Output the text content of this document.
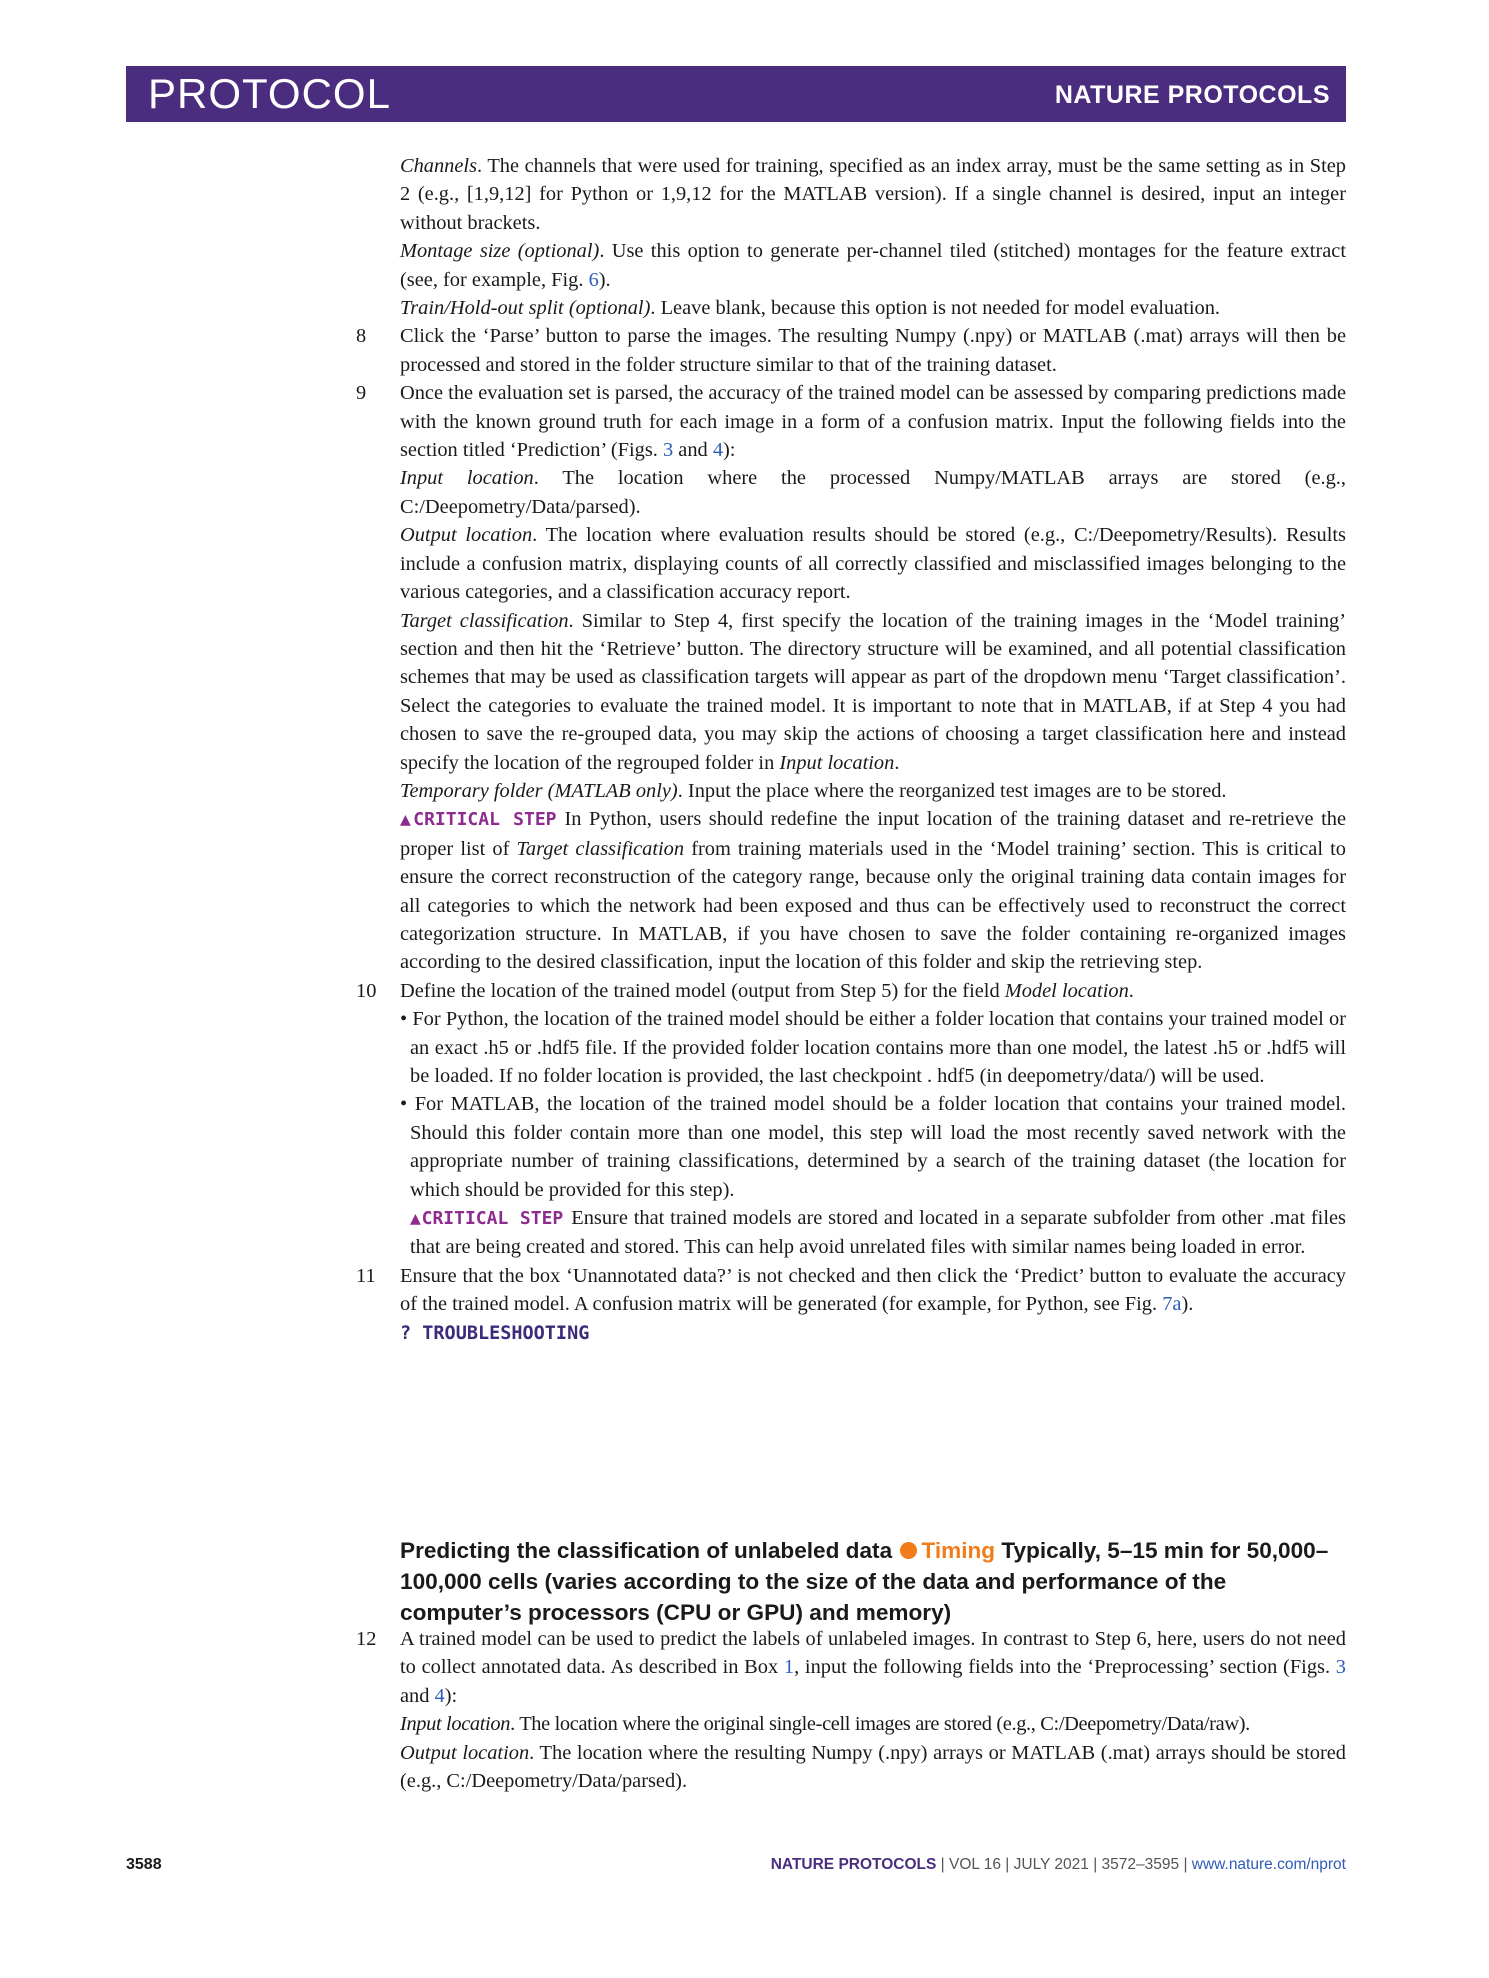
PROTOCOL	NATURE PROTOCOLS

Channels. The channels that were used for training, specified as an index array, must be the same setting as in Step 2 (e.g., [1,9,12] for Python or 1,9,12 for the MATLAB version). If a single channel is desired, input an integer without brackets.

Montage size (optional). Use this option to generate per-channel tiled (stitched) montages for the feature extract (see, for example, Fig. 6).

Train/Hold-out split (optional). Leave blank, because this option is not needed for model evaluation.

8 Click the ‘Parse’ button to parse the images. The resulting Numpy (.npy) or MATLAB (.mat) arrays will then be processed and stored in the folder structure similar to that of the training dataset.

9 Once the evaluation set is parsed, the accuracy of the trained model can be assessed by comparing predictions made with the known ground truth for each image in a form of a confusion matrix. Input the following fields into the section titled ‘Prediction’ (Figs. 3 and 4):

Input location. The location where the processed Numpy/MATLAB arrays are stored (e.g., C:/Deepometry/Data/parsed).

Output location. The location where evaluation results should be stored (e.g., C:/Deepometry/Results). Results include a confusion matrix, displaying counts of all correctly classified and misclassified images belonging to the various categories, and a classification accuracy report.

Target classification. Similar to Step 4, first specify the location of the training images in the ‘Model training’ section and then hit the ‘Retrieve’ button. The directory structure will be examined, and all potential classification schemes that may be used as classification targets will appear as part of the dropdown menu ‘Target classification’. Select the categories to evaluate the trained model. It is important to note that in MATLAB, if at Step 4 you had chosen to save the re-grouped data, you may skip the actions of choosing a target classification here and instead specify the location of the regrouped folder in Input location.

Temporary folder (MATLAB only). Input the place where the reorganized test images are to be stored.

▲CRITICAL STEP In Python, users should redefine the input location of the training dataset and re-retrieve the proper list of Target classification from training materials used in the ‘Model training’ section. This is critical to ensure the correct reconstruction of the category range, because only the original training data contain images for all categories to which the network had been exposed and thus can be effectively used to reconstruct the correct categorization structure. In MATLAB, if you have chosen to save the folder containing re-organized images according to the desired classification, input the location of this folder and skip the retrieving step.

10 Define the location of the trained model (output from Step 5) for the field Model location.

• For Python, the location of the trained model should be either a folder location that contains your trained model or an exact .h5 or .hdf5 file. If the provided folder location contains more than one model, the latest .h5 or .hdf5 will be loaded. If no folder location is provided, the last checkpoint . hdf5 (in deepometry/data/) will be used.

• For MATLAB, the location of the trained model should be a folder location that contains your trained model. Should this folder contain more than one model, this step will load the most recently saved network with the appropriate number of training classifications, determined by a search of the training dataset (the location for which should be provided for this step).

▲CRITICAL STEP Ensure that trained models are stored and located in a separate subfolder from other .mat files that are being created and stored. This can help avoid unrelated files with similar names being loaded in error.

11 Ensure that the box ‘Unannotated data?’ is not checked and then click the ‘Predict’ button to evaluate the accuracy of the trained model. A confusion matrix will be generated (for example, for Python, see Fig. 7a).

? TROUBLESHOOTING

Predicting the classification of unlabeled data Timing Typically, 5–15 min for 50,000–100,000 cells (varies according to the size of the data and performance of the computer’s processors (CPU or GPU) and memory)
12 A trained model can be used to predict the labels of unlabeled images. In contrast to Step 6, here, users do not need to collect annotated data. As described in Box 1, input the following fields into the ‘Preprocessing’ section (Figs. 3 and 4):

Input location. The location where the original single-cell images are stored (e.g., C:/Deepometry/Data/raw).

Output location. The location where the resulting Numpy (.npy) arrays or MATLAB (.mat) arrays should be stored (e.g., C:/Deepometry/Data/parsed).

3588	NATURE PROTOCOLS | VOL 16 | JULY 2021 | 3572–3595 | www.nature.com/nprot
